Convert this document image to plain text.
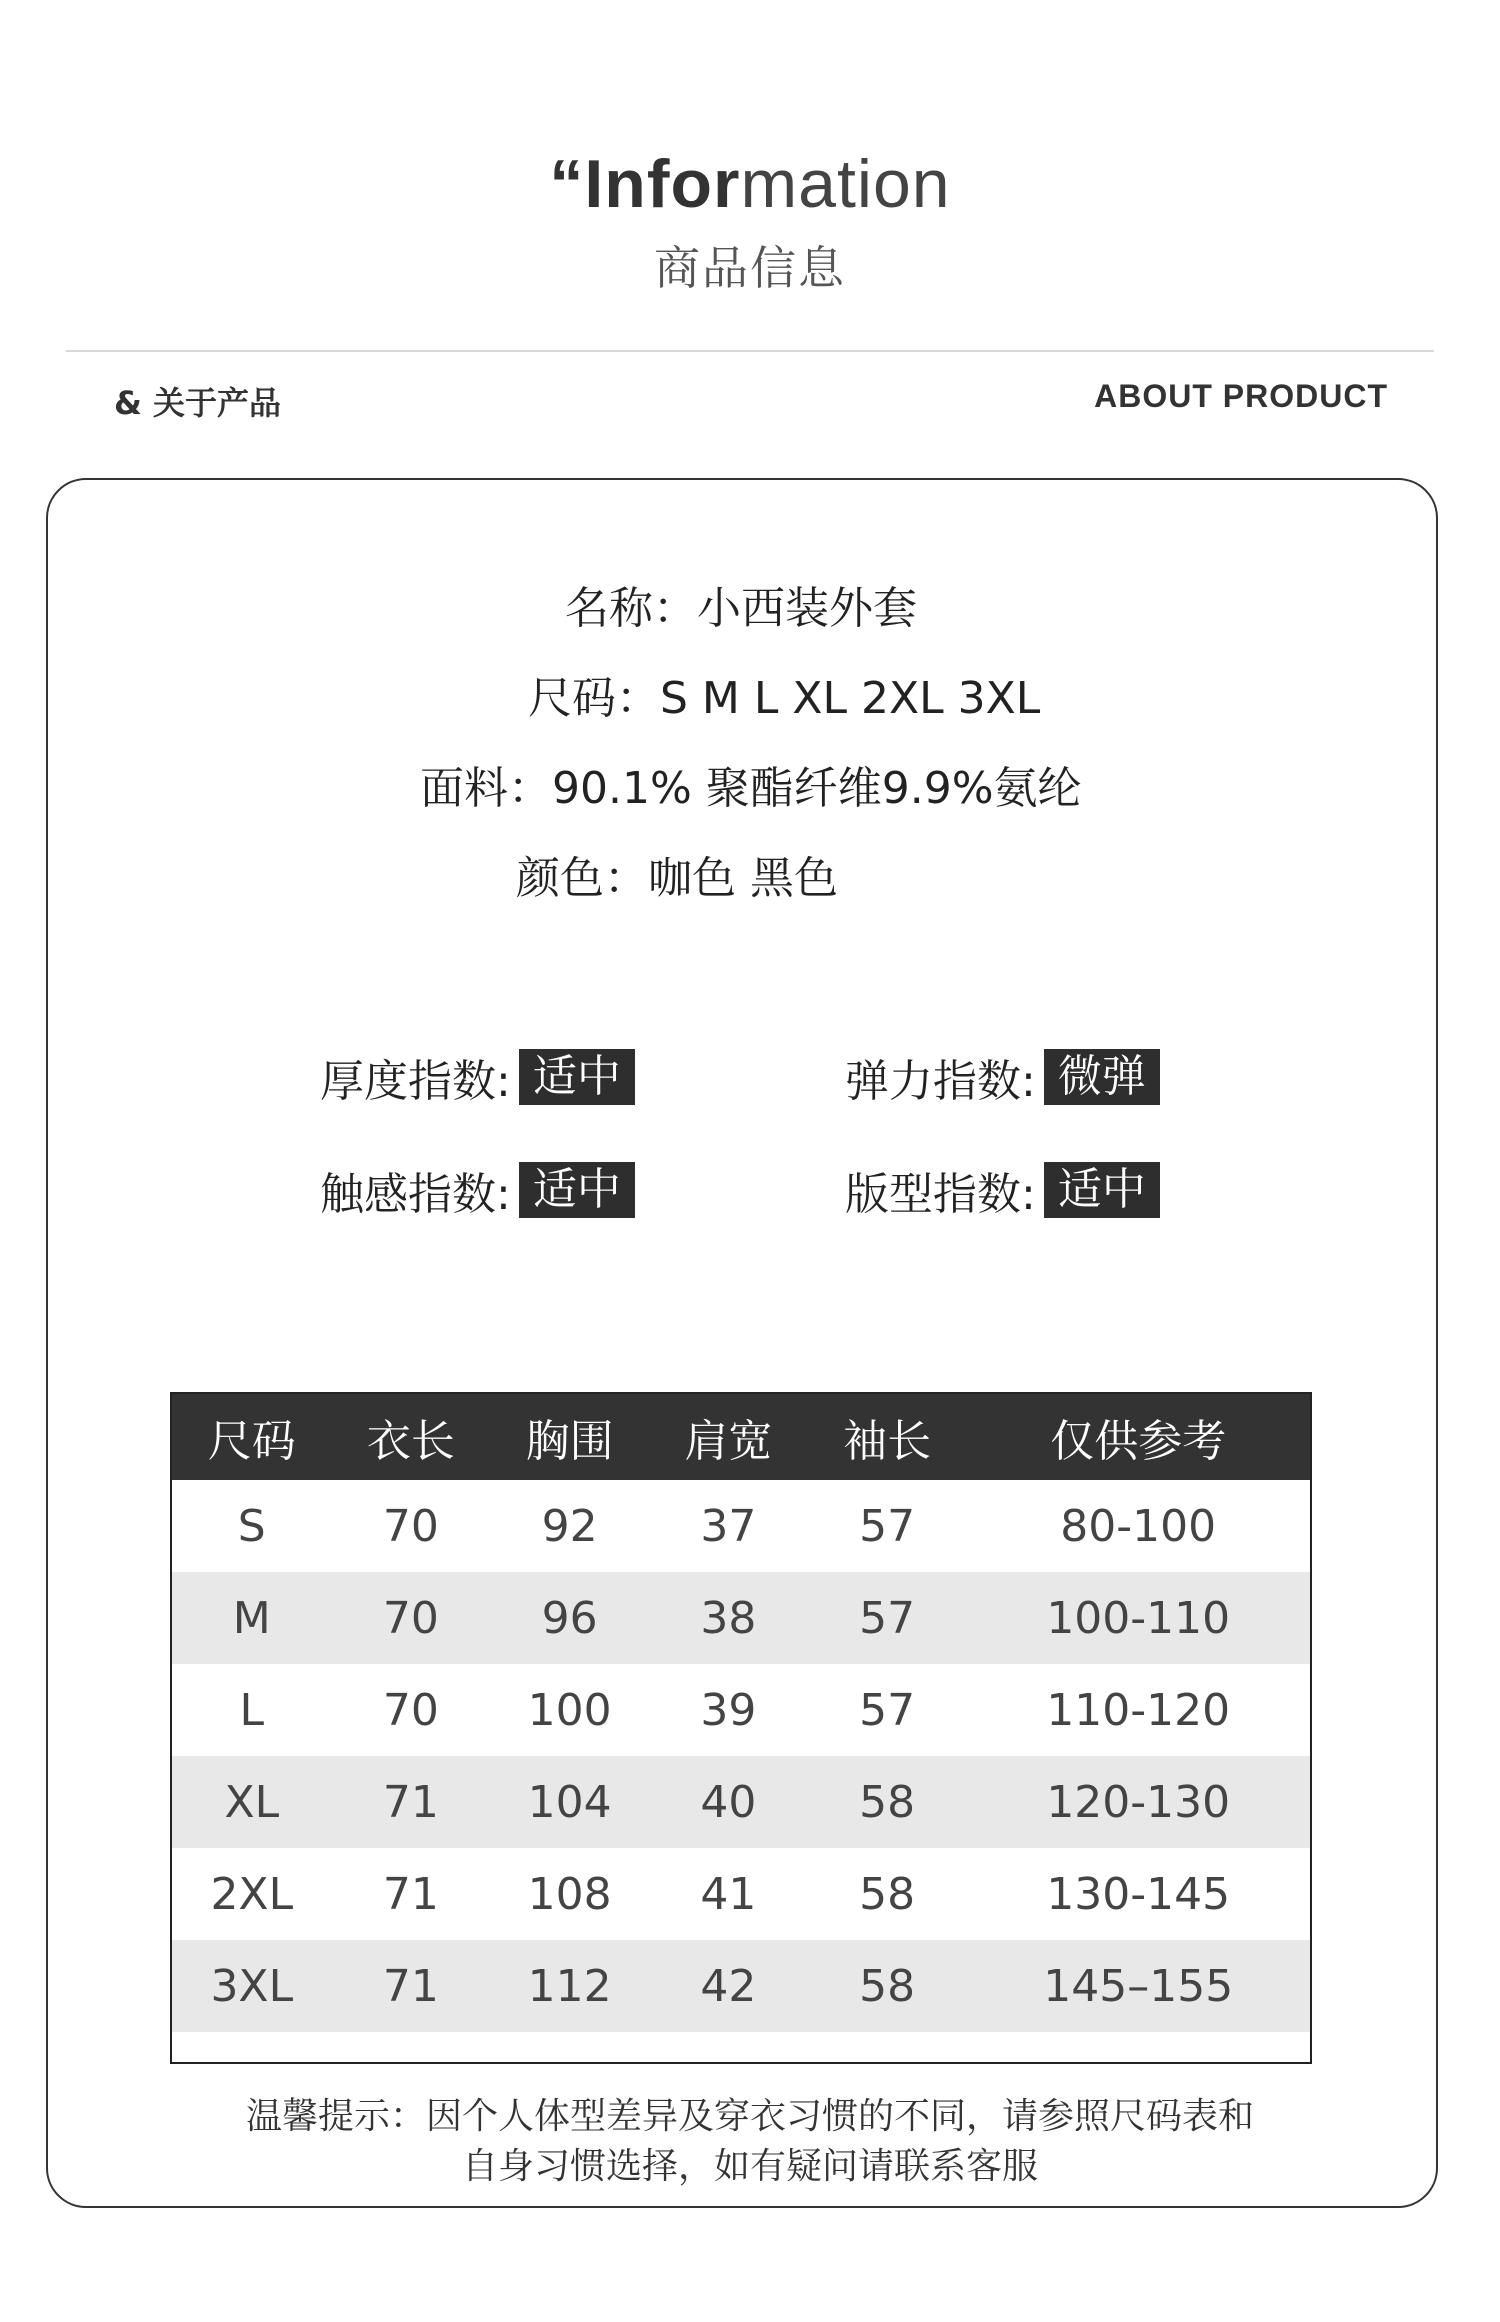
“Information
商品信息
& 关于产品	ABOUT PRODUCT
名称：小西装外套
尺码：S M L XL 2XL 3XL
面料：90.1% 聚酯纤维9.9%氨纶
颜色：咖色 黑色
厚度指数: 适中	弹力指数: 微弹
触感指数: 适中	版型指数: 适中
尺码	衣长	胸围	肩宽	袖长	仅供参考
S	70	92	37	57	80-100
M	70	96	38	57	100-110
L	70	100	39	57	110-120
XL	71	104	40	58	120-130
2XL	71	108	41	58	130-145
3XL	71	112	42	58	145–155

温馨提示：因个人体型差异及穿衣习惯的不同，请参照尺码表和
自身习惯选择，如有疑问请联系客服
